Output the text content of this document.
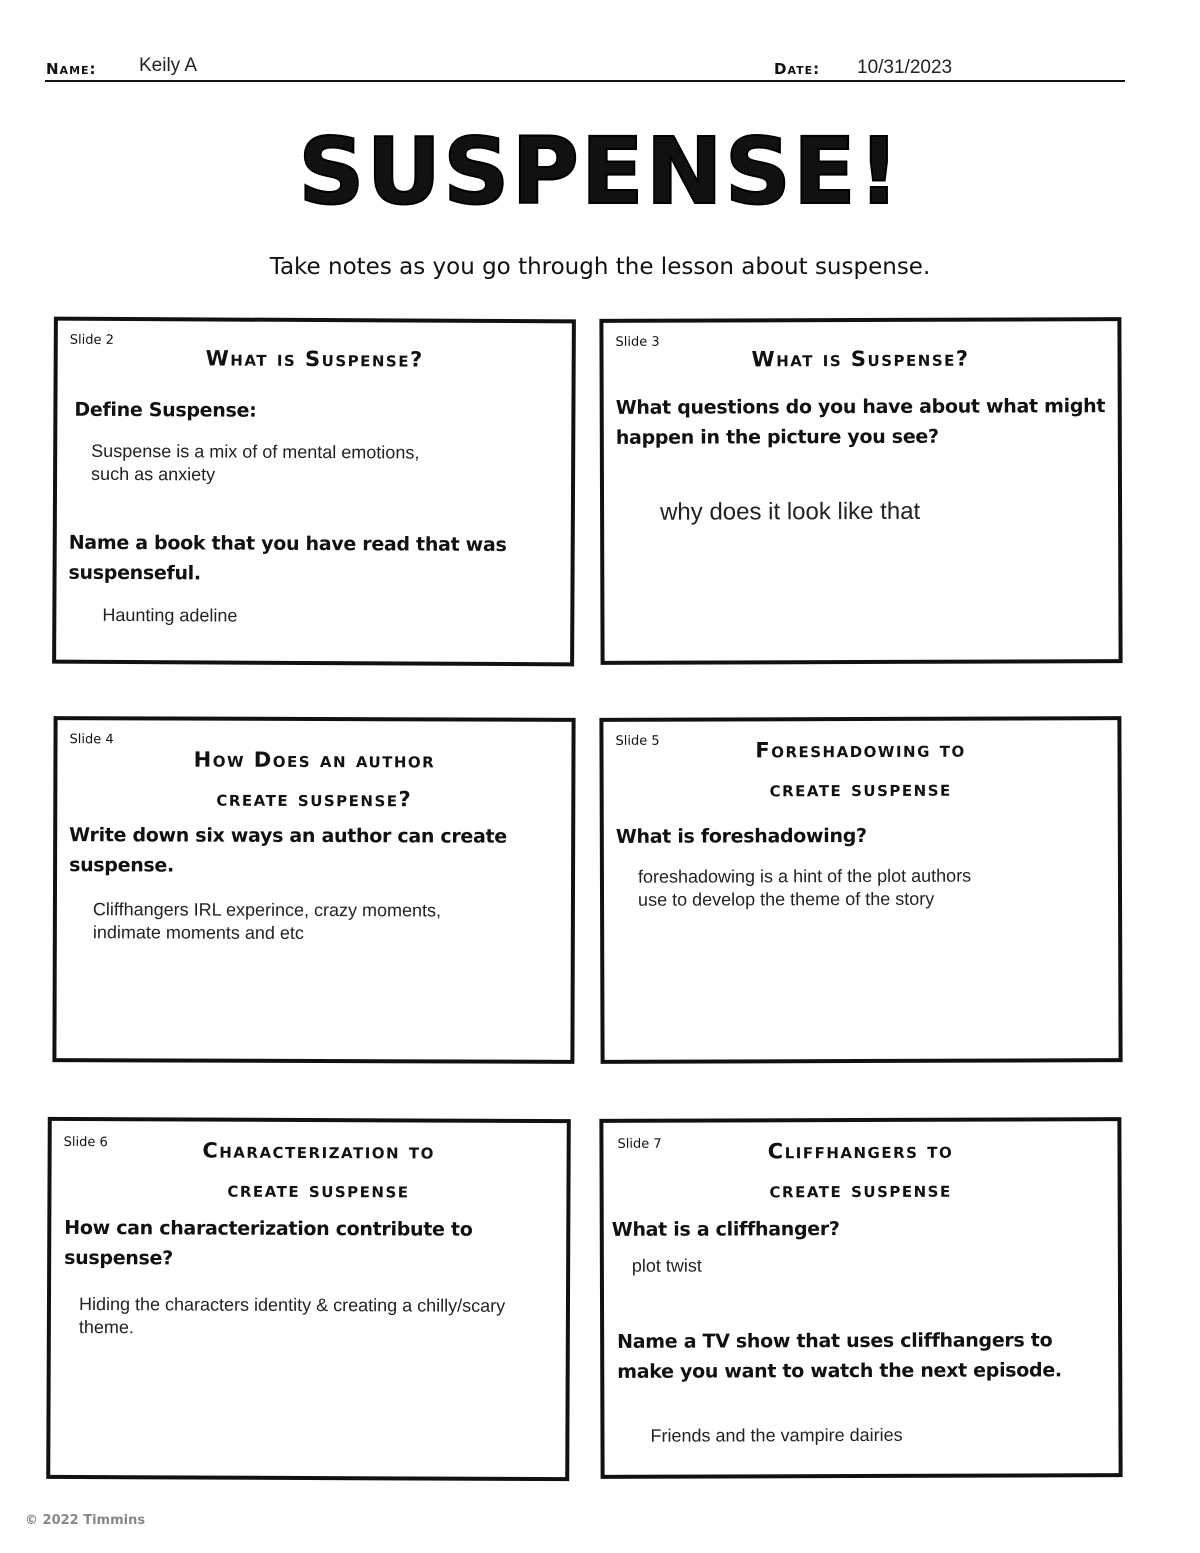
Name: Keily A	Date: 10/31/2023
SUSPENSE!
Take notes as you go through the lesson about suspense.
Slide 2
What is Suspense?
Define Suspense:
Suspense is a mix of of mental emotions,
such as anxiety
Name a book that you have read that was
suspenseful.
Haunting adeline
Slide 3
What is Suspense?
What questions do you have about what might
happen in the picture you see?
why does it look like that
Slide 4
How Does an author
create suspense?
Write down six ways an author can create
suspense.
Cliffhangers IRL experince, crazy moments,
indimate moments and etc
Slide 5	Foreshadowing to
create suspense
What is foreshadowing?
foreshadowing is a hint of the plot authors
use to develop the theme of the story
Slide 6	Characterization to
create suspense
How can characterization contribute to
suspense?
Hiding the characters identity & creating a chilly/scary
theme.
Slide 7	Cliffhangers to
create suspense
What is a cliffhanger?
plot twist
Name a TV show that uses cliffhangers to
make you want to watch the next episode.
Friends and the vampire dairies
© 2022 Timmins
